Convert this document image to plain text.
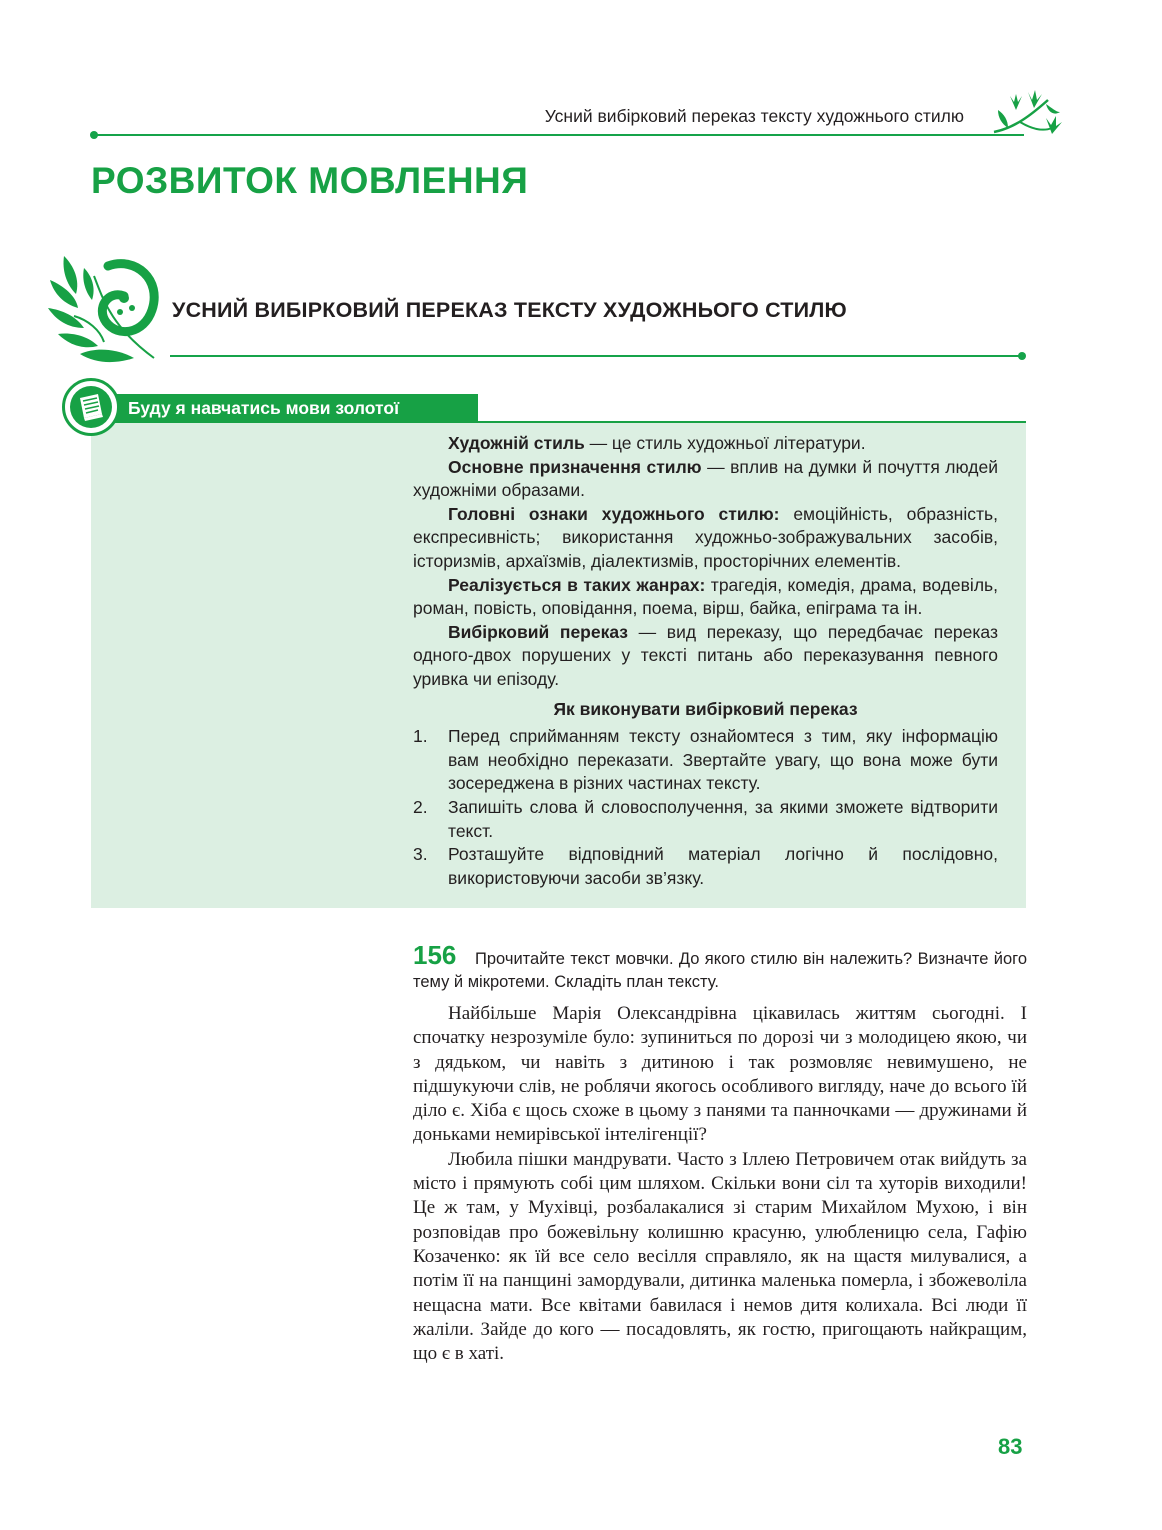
Усний вибірковий переказ тексту художнього стилю
РОЗВИТОК МОВЛЕННЯ
УСНИЙ ВИБІРКОВИЙ ПЕРЕКАЗ ТЕКСТУ ХУДОЖНЬОГО СТИЛЮ
Буду я навчатись мови золотої

Художній стиль — це стиль художньої літератури.

Основне призначення стилю — вплив на думки й почуття людей художніми образами.

Головні ознаки художнього стилю: емоційність, образність, експресивність; використання художньо-зображувальних засобів, історизмів, архаїзмів, діалектизмів, просторічних елементів.

Реалізується в таких жанрах: трагедія, комедія, драма, водевіль, роман, повість, оповідання, поема, вірш, байка, епіграма та ін.

Вибірковий переказ — вид переказу, що передбачає переказ одного-двох порушених у тексті питань або переказування певного уривка чи епізоду.

Як виконувати вибірковий переказ

1. Перед сприйманням тексту ознайомтеся з тим, яку інформацію вам необхідно переказати. Звертайте увагу, що вона може бути зосереджена в різних частинах тексту.
2. Запишіть слова й словосполучення, за якими зможете відтворити текст.
3. Розташуйте відповідний матеріал логічно й послідовно, використовуючи засоби зв’язку.
156	Прочитайте текст мовчки. До якого стилю він належить? Визначте його тему й мікротеми. Складіть план тексту.

Найбільше Марія Олександрівна цікавилась життям сьогодні. І спочатку незрозуміле було: зупиниться по дорозі чи з молодицею якою, чи з дядьком, чи навіть з дитиною і так розмовляє невимушено, не підшукуючи слів, не роблячи якогось особливого вигляду, наче до всього їй діло є. Хіба є щось схоже в цьому з панями та панночками — дружинами й доньками немирівської інтелігенції?

Любила пішки мандрувати. Часто з Іллею Петровичем отак вийдуть за місто і прямують собі цим шляхом. Скільки вони сіл та хуторів виходили! Це ж там, у Мухівці, розбалакалися зі старим Михайлом Мухою, і він розповідав про божевільну колишню красуню, улюбленицю села, Гафію Козаченко: як їй все село весілля справляло, як на щастя милувалися, а потім її на панщині замордували, дитинка маленька померла, і збожеволіла нещасна мати. Все квітами бавилася і немов дитя колихала. Всі люди її жаліли. Зайде до кого — посадовлять, як гостю, пригощають найкращим, що є в хаті.

83
